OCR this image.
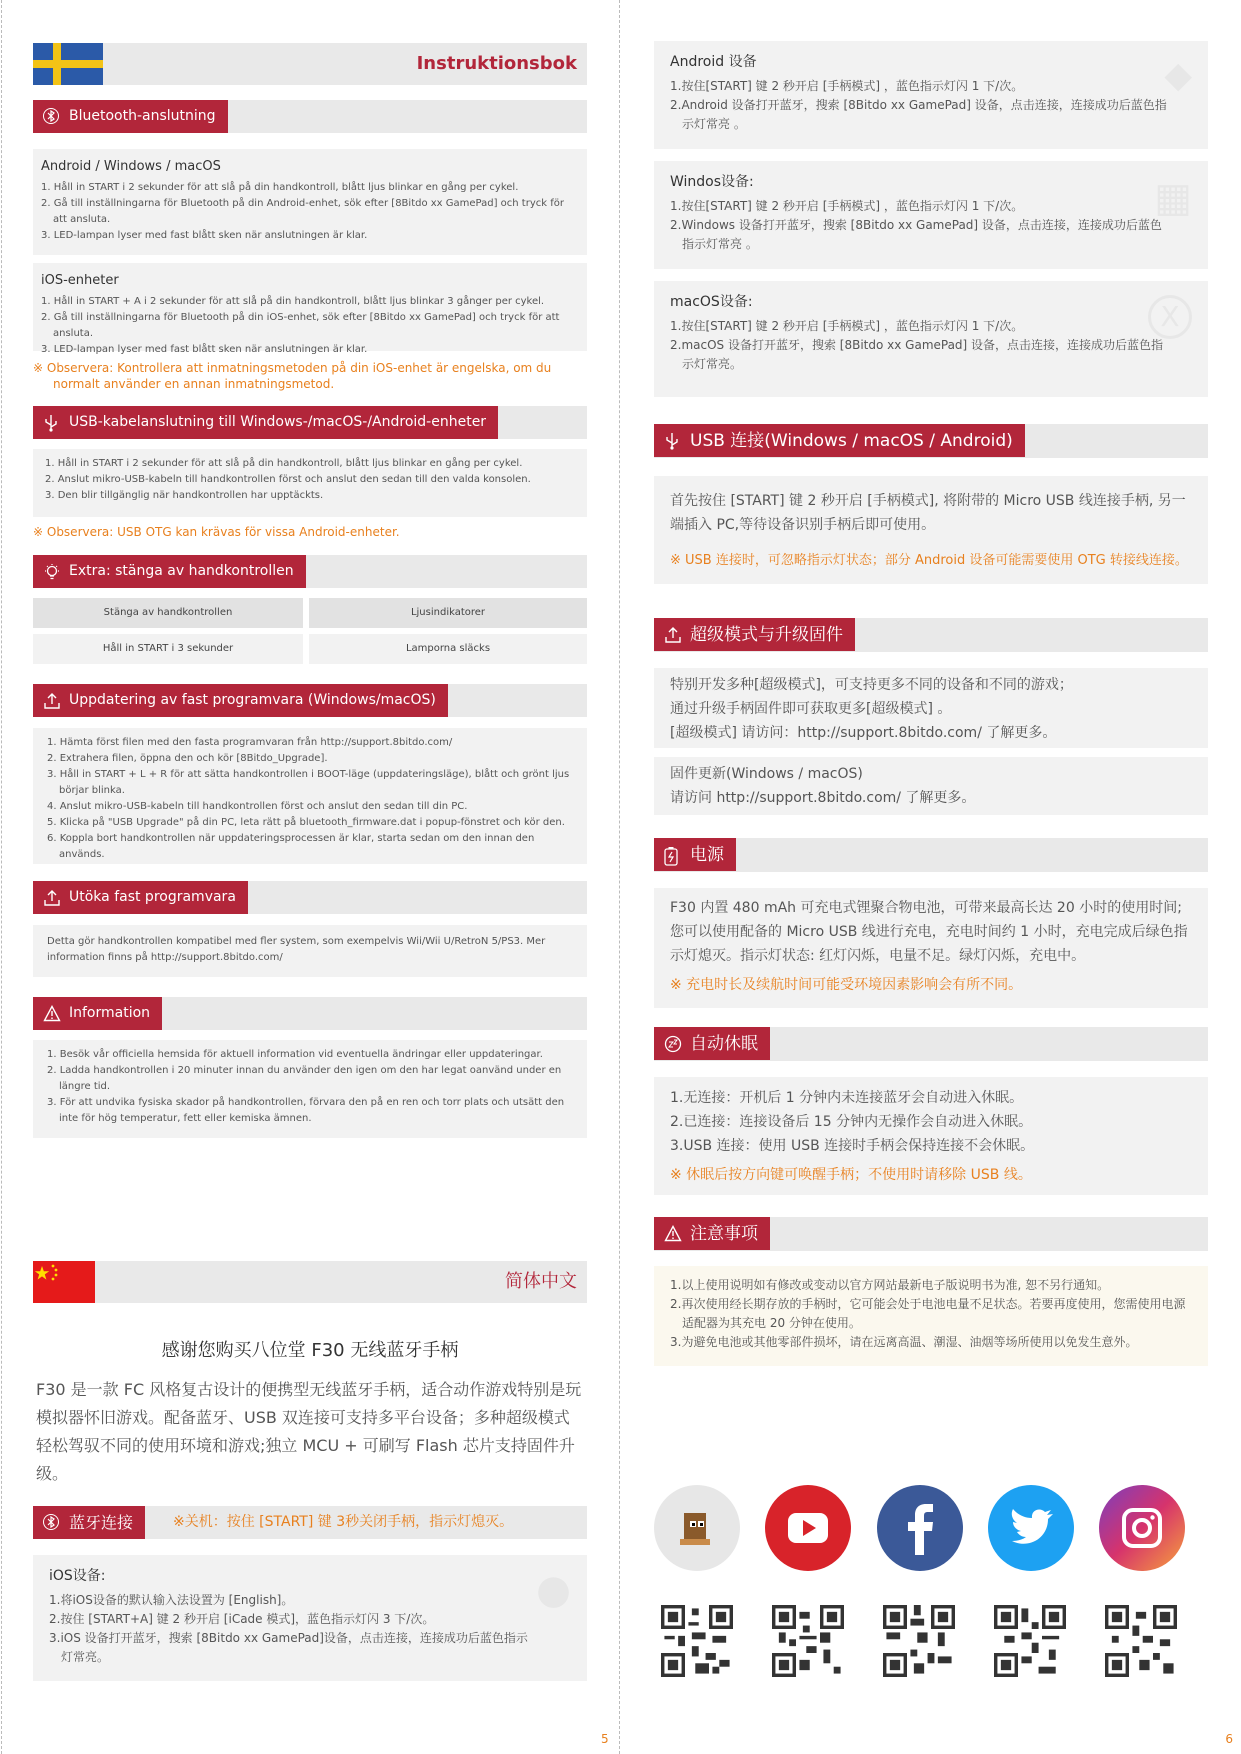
Instruktionsbok
Bluetooth-anslutning
Android / Windows / macOS
1. Håll in START i 2 sekunder för att slå på din handkontroll, blått ljus blinkar en gång per cykel.
2. Gå till inställningarna för Bluetooth på din Android-enhet, sök efter [8Bitdo xx GamePad] och tryck för att ansluta.
3. LED-lampan lyser med fast blått sken när anslutningen är klar.
iOS-enheter
1. Håll in START + A i 2 sekunder för att slå på din handkontroll, blått ljus blinkar 3 gånger per cykel.
2. Gå till inställningarna för Bluetooth på din iOS-enhet, sök efter [8Bitdo xx GamePad] och tryck för att ansluta.
3. LED-lampan lyser med fast blått sken när anslutningen är klar.
※ Observera: Kontrollera att inmatningsmetoden på din iOS-enhet är engelska, om du normalt använder en annan inmatningsmetod.
USB-kabelanslutning till Windows-/macOS-/Android-enheter
1. Håll in START i 2 sekunder för att slå på din handkontroll, blått ljus blinkar en gång per cykel.
2. Anslut mikro-USB-kabeln till handkontrollen först och anslut den sedan till den valda konsolen.
3. Den blir tillgänglig när handkontrollen har upptäckts.
※ Observera: USB OTG kan krävas för vissa Android-enheter.
Extra: stänga av handkontrollen
Stänga av handkontrollen	Ljusindikatorer
Håll in START i 3 sekunder	Lamporna släcks
Uppdatering av fast programvara (Windows/macOS)
1. Hämta först filen med den fasta programvaran från http://support.8bitdo.com/
2. Extrahera filen, öppna den och kör [8Bitdo_Upgrade].
3. Håll in START + L + R för att sätta handkontrollen i BOOT-läge (uppdateringsläge), blått och grönt ljus börjar blinka.
4. Anslut mikro-USB-kabeln till handkontrollen först och anslut den sedan till din PC.
5. Klicka på "USB Upgrade" på din PC, leta rätt på bluetooth_firmware.dat i popup-fönstret och kör den.
6. Koppla bort handkontrollen när uppdateringsprocessen är klar, starta sedan om den innan den används.
Utöka fast programvara
Detta gör handkontrollen kompatibel med fler system, som exempelvis Wii/Wii U/RetroN 5/PS3. Mer information finns på http://support.8bitdo.com/
Information
1. Besök vår officiella hemsida för aktuell information vid eventuella ändringar eller uppdateringar.
2. Ladda handkontrollen i 20 minuter innan du använder den igen om den har legat oanvänd under en längre tid.
3. För att undvika fysiska skador på handkontrollen, förvara den på en ren och torr plats och utsätt den inte för hög temperatur, fett eller kemiska ämnen.
简体中文
感谢您购买八位堂 F30 无线蓝牙手柄
F30 是一款 FC 风格复古设计的便携型无线蓝牙手柄，适合动作游戏特别是玩模拟器怀旧游戏。配备蓝牙、USB 双连接可支持多平台设备；多种超级模式轻松驾驭不同的使用环境和游戏;独立 MCU + 可刷写 Flash 芯片支持固件升级。
蓝牙连接	※关机：按住 [START] 键 3秒关闭手柄，指示灯熄灭。
●
iOS设备:
1.将iOS设备的默认输入法设置为 [English]。
2.按住 [START+A] 键 2 秒开启 [iCade 模式]，蓝色指示灯闪 3 下/次。
3.iOS 设备打开蓝牙，搜索 [8Bitdo xx GamePad]设备，点击连接，连接成功后蓝色指示灯常亮。
5
◆
Android 设备
1.按住[START] 键 2 秒开启 [手柄模式] ，蓝色指示灯闪 1 下/次。
2.Android 设备打开蓝牙，搜索 [8Bitdo xx GamePad] 设备，点击连接，连接成功后蓝色指示灯常亮 。
▦
Windos设备:
1.按住[START] 键 2 秒开启 [手柄模式] ，蓝色指示灯闪 1 下/次。
2.Windows 设备打开蓝牙，搜索 [8Bitdo xx GamePad] 设备，点击连接，连接成功后蓝色指示灯常亮 。
X
macOS设备:
1.按住[START] 键 2 秒开启 [手柄模式] ，蓝色指示灯闪 1 下/次。
2.macOS 设备打开蓝牙，搜索 [8Bitdo xx GamePad] 设备，点击连接，连接成功后蓝色指示灯常亮。
USB 连接(Windows / macOS / Android)
首先按住 [START] 键 2 秒开启 [手柄模式], 将附带的 Micro USB 线连接手柄, 另一端插入 PC,等待设备识别手柄后即可使用。
※ USB 连接时，可忽略指示灯状态；部分 Android 设备可能需要使用 OTG 转接线连接。
超级模式与升级固件
特别开发多种[超级模式]，可支持更多不同的设备和不同的游戏；
通过升级手柄固件即可获取更多[超级模式] 。
[超级模式] 请访问：http://support.8bitdo.com/ 了解更多。
固件更新(Windows / macOS)
请访问 http://support.8bitdo.com/ 了解更多。
电源
F30 内置 480 mAh 可充电式锂聚合物电池，可带来最高长达 20 小时的使用时间; 您可以使用配备的 Micro USB 线进行充电，充电时间约 1 小时，充电完成后绿色指示灯熄灭。指示灯状态: 红灯闪烁，电量不足。绿灯闪烁，充电中。
※ 充电时长及续航时间可能受环境因素影响会有所不同。
自动休眠
1.无连接：开机后 1 分钟内未连接蓝牙会自动进入休眠。
2.已连接：连接设备后 15 分钟内无操作会自动进入休眠。
3.USB 连接：使用 USB 连接时手柄会保持连接不会休眠。
※ 休眠后按方向键可唤醒手柄；不使用时请移除 USB 线。
注意事项
1.以上使用说明如有修改或变动以官方网站最新电子版说明书为准, 恕不另行通知。
2.再次使用经长期存放的手柄时，它可能会处于电池电量不足状态。若要再度使用，您需使用电源适配器为其充电 20 分钟在使用。
3.为避免电池或其他零部件损坏，请在远离高温、潮湿、油烟等场所使用以免发生意外。
6
